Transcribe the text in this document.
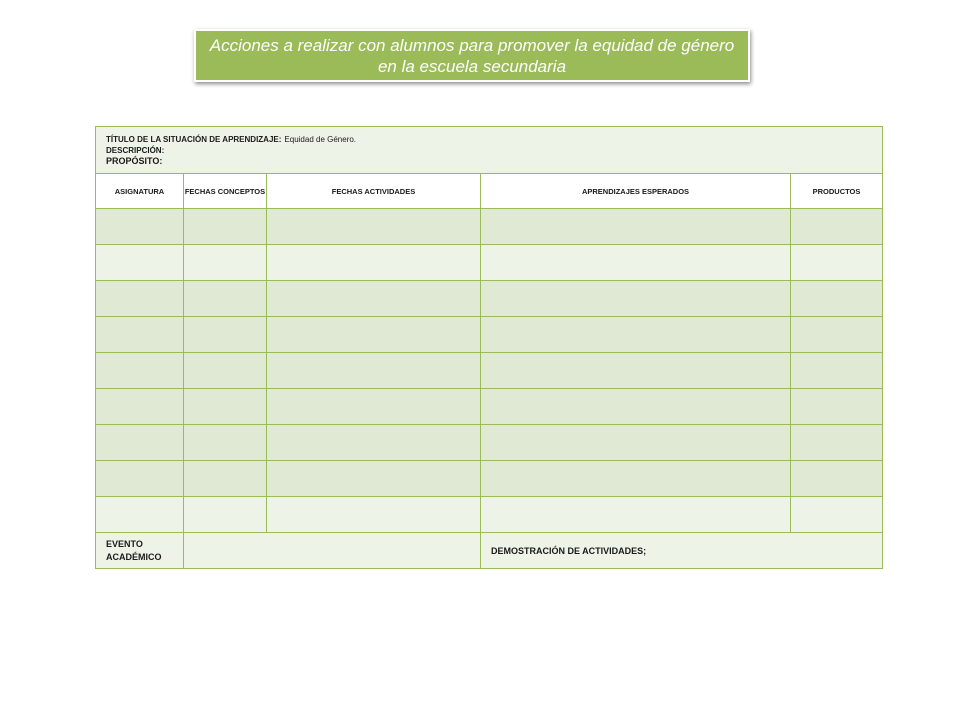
Acciones a realizar con alumnos para promover la equidad de género
en la escuela secundaria
TÍTULO DE LA SITUACIÓN DE APRENDIZAJE: Equidad de Género.
DESCRIPCIÓN:
PROPÓSITO:				

ASIGNATURA	FECHAS CONCEPTOS	FECHAS ACTIVIDADES	APRENDIZAJES ESPERADOS	PRODUCTOS

EVENTO ACADÉMICO			DEMOSTRACIÓN DE ACTIVIDADES;	
